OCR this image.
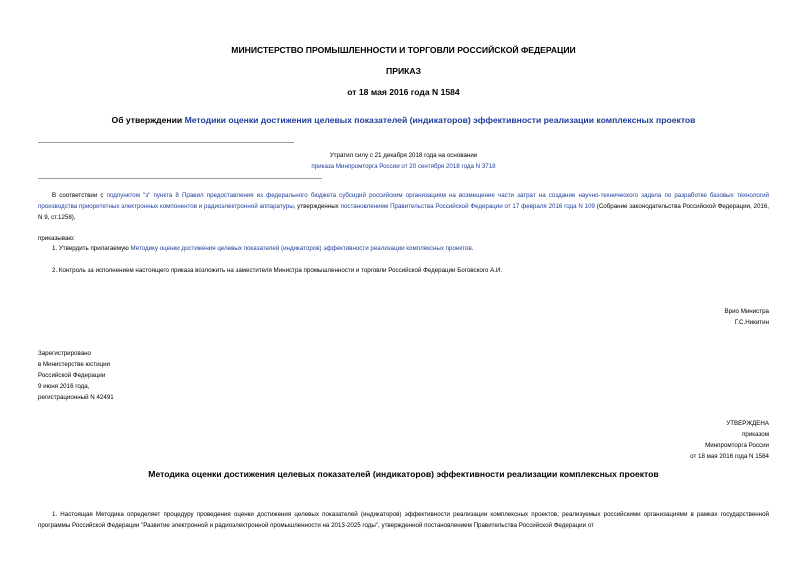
МИНИСТЕРСТВО ПРОМЫШЛЕННОСТИ И ТОРГОВЛИ РОССИЙСКОЙ ФЕДЕРАЦИИ
ПРИКАЗ
от 18 мая 2016 года N 1584
Об утверждении Методики оценки достижения целевых показателей (индикаторов) эффективности реализации комплексных проектов
Утратил силу с 21 декабря 2018 года на основании
приказа Минпромторга России от 20 сентября 2018 года N 3718
В соответствии с подпунктом "з" пункта 8 Правил предоставления из федерального бюджета субсидий российским организациям на возмещение части затрат на создание научно-технического задела по разработке базовых технологий производства приоритетных электронных компонентов и радиоэлектронной аппаратуры, утвержденных постановлением Правительства Российской Федерации от 17 февраля 2016 года N 109 (Собрание законодательства Российской Федерации, 2016, N 9, ст.1258),
приказываю:
1. Утвердить прилагаемую Методику оценки достижения целевых показателей (индикаторов) эффективности реализации комплексных проектов.
2. Контроль за исполнением настоящего приказа возложить на заместителя Министра промышленности и торговли Российской Федерации Боговского А.И.
Врио Министра
Г.С.Никитин
Зарегистрировано
в Министерстве юстиции
Российской Федерации
9 июня 2016 года,
регистрационный N 42491
УТВЕРЖДЕНА
приказом
Минпромторга России
от 18 мая 2016 года N 1584
Методика оценки достижения целевых показателей (индикаторов) эффективности реализации комплексных проектов
1. Настоящая Методика определяет процедуру проведения оценки достижения целевых показателей (индикаторов) эффективности реализации комплексных проектов, реализуемых российскими организациями в рамках государственной программы Российской Федерации "Развитие электронной и радиоэлектронной промышленности на 2013-2025 годы", утвержденной постановлением Правительства Российской Федерации от
